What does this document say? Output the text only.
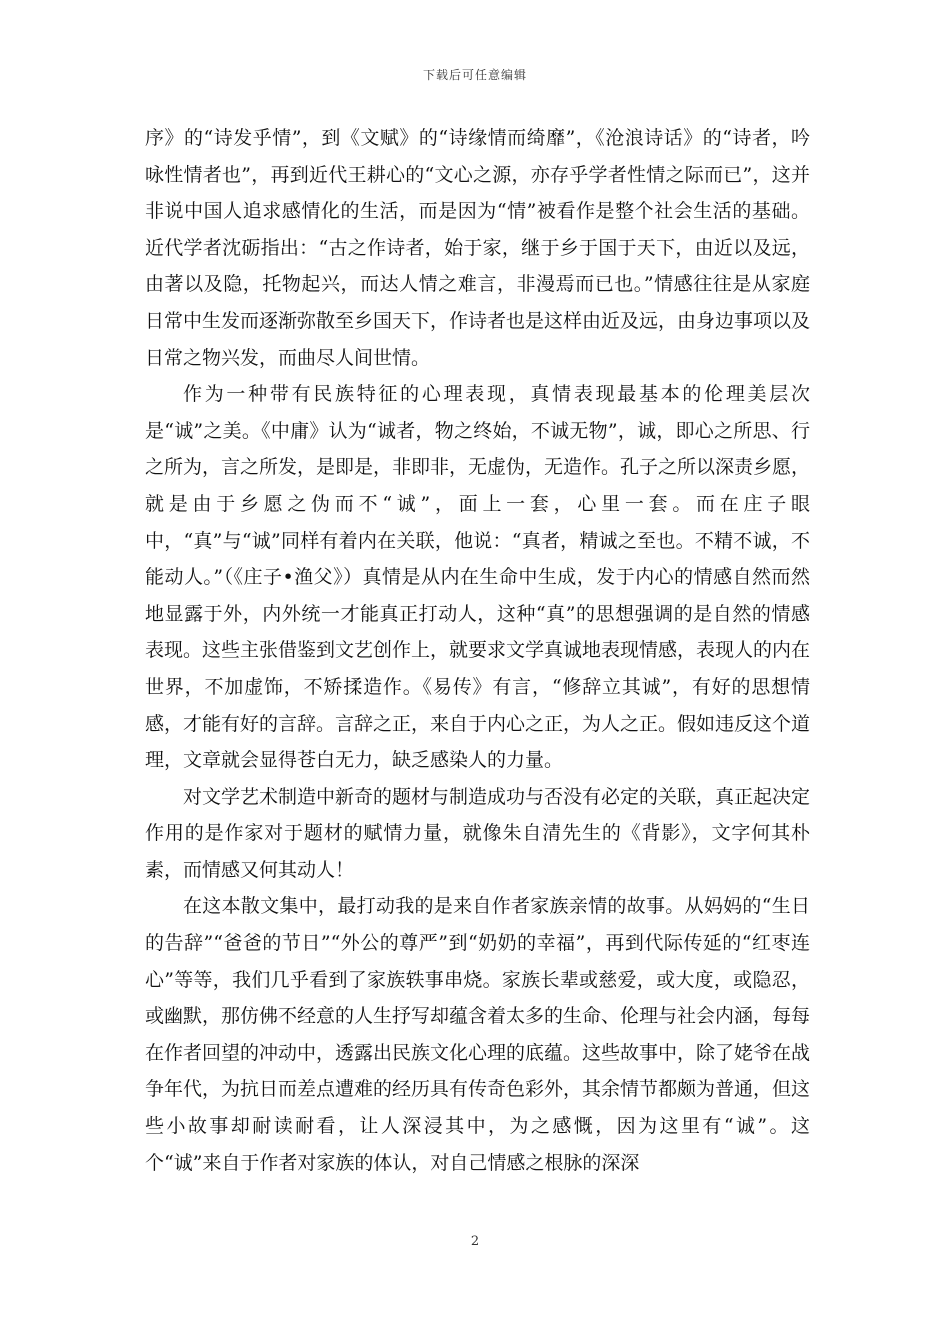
下载后可任意编辑

序》的“诗发乎情”，到《文赋》的“诗缘情而绮靡”，《沧浪诗话》的“诗者，吟咏性情者也”，再到近代王耕心的“文心之源，亦存乎学者性情之际而已”，这并非说中国人追求感情化的生活，而是因为“情”被看作是整个社会生活的基础。近代学者沈砺指出：“古之作诗者，始于家，继于乡于国于天下，由近以及远，由著以及隐，托物起兴，而达人情之难言，非漫焉而已也。”情感往往是从家庭日常中生发而逐渐弥散至乡国天下，作诗者也是这样由近及远，由身边事项以及日常之物兴发，而曲尽人间世情。

作为一种带有民族特征的心理表现，真情表现最基本的伦理美层次是“诚”之美。《中庸》认为“诚者，物之终始，不诚无物”，诚，即心之所思、行之所为，言之所发，是即是，非即非，无虚伪，无造作。孔子之所以深责乡愿，就是由于乡愿之伪而不“诚”，面上一套，心里一套。而在庄子眼中，“真”与“诚”同样有着内在关联，他说：“真者，精诚之至也。不精不诚，不能动人。”（《庄子•渔父》）真情是从内在生命中生成，发于内心的情感自然而然地显露于外，内外统一才能真正打动人，这种“真”的思想强调的是自然的情感表现。这些主张借鉴到文艺创作上，就要求文学真诚地表现情感，表现人的内在世界，不加虚饰，不矫揉造作。《易传》有言，“修辞立其诚”，有好的思想情感，才能有好的言辞。言辞之正，来自于内心之正，为人之正。假如违反这个道理，文章就会显得苍白无力，缺乏感染人的力量。

对文学艺术制造中新奇的题材与制造成功与否没有必定的关联，真正起决定作用的是作家对于题材的赋情力量，就像朱自清先生的《背影》，文字何其朴素，而情感又何其动人！

在这本散文集中，最打动我的是来自作者家族亲情的故事。从妈妈的“生日的告辞”“爸爸的节日”“外公的尊严”到“奶奶的幸福”，再到代际传延的“红枣连心”等等，我们几乎看到了家族轶事串烧。家族长辈或慈爱，或大度，或隐忍，或幽默，那仿佛不经意的人生抒写却蕴含着太多的生命、伦理与社会内涵，每每在作者回望的冲动中，透露出民族文化心理的底蕴。这些故事中，除了姥爷在战争年代，为抗日而差点遭难的经历具有传奇色彩外，其余情节都颇为普通，但这些小故事却耐读耐看，让人深浸其中，为之感慨，因为这里有“诚”。这个“诚”来自于作者对家族的体认，对自己情感之根脉的深深

2
